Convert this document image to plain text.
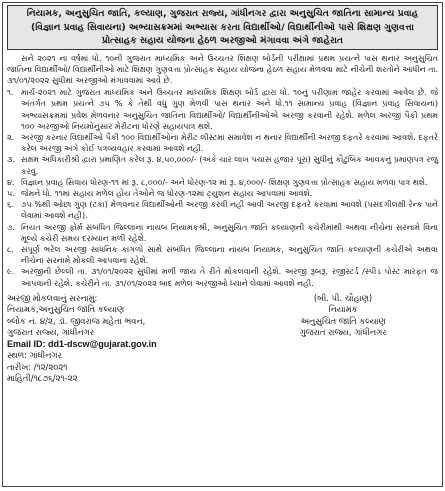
નિયામક, અનુસુચિત જાતિ, કલ્યાણ, ગુજરાત રાજ્ય, ગાંધીનગર દ્વારા અનુસુચિત જાતિના સામાન્ય પ્રવાહ
(વિજ્ઞાન પ્રવાહ સિવાયના) અભ્યાસક્રમમાં અભ્યાસ કરતા વિદ્યાર્થીઓ/ વિદ્યાર્થીનીઓ પાસે શિક્ષણ ગુણવત્તા
પ્રોત્સાહક સહાય યોજના હેઠળ અરજીઓ મંગાવવા અંગે જાહેરાત

સને ૨૦૨૧ ના વર્ષમાં ધો. ૧૦ની ગુજરાત માધ્યમિક અને ઉચ્ચતર શિક્ષણ બોર્ડની પરીક્ષામાં પ્રથમ પ્રયત્ને પાસ થનાર અનુસુચિત જાતિના વિદ્યાર્થીઓ/ વિદ્યાર્થીનીઓ માટે શિક્ષણ ગુણવત્તા પ્રોત્સાહક સહાય યોજના હેઠળ સહાય મેળવવા માટે નીચેની શરતોને આધીન તા. ૩૧/૦૧/૨૦૨૨ સુધીમાં અરજીઓ મંગાવવામાં આવે છે.

૧. માર્ચ-૨૦૨૧ માટે ગુજરાત માધ્યમિક અને ઉચ્ચતર માધ્યમિક શિક્ષણ બોર્ડ દ્વારા ધો. ૧૦નું પરીણામ જાહેર કરવામાં આવેલ છે. જે અંતર્ગત પ્રથમ પ્રયત્ને ૭૫ % કે તેથી વધુ ગુણ મેળવી પાસ થનાર અને ધો.૧૧ સામાન્ય પ્રવાહ (વિજ્ઞાન પ્રવાહ સિવાયના) અભ્યાસક્રમમાં પ્રવેશ મેળવનાર અનુસુચિત જાતિના વિદ્યાર્થીઓ/ વિદ્યાર્થીનીઓએ અરજી કરવાની રહેશે. મળેલ અરજી પૈકી પ્રથમ ૧૦૦ અરજીઓ નિયમોનુસાર મેરીટના ધોરણે સહાયપાત્ર થશે.
૨. અરજી કરનાર વિદ્યાર્થીઓ પૈકી ૧૦૦ વિદ્યાર્થીઓના મેરીટ લીસ્ટમાં સમાવેશ ન થનાર વિદ્યાર્થીની અરજી દફતરે કરવામાં આવશે. દફતરે કરેલ અરજી અંગે કોઈ પત્રવ્યવહાર કરવામાં આવશે નહી.
૩. સક્ષમ અધિકારીશ્રી દ્વારા પ્રમાણિત કરેલ રૂ. ૪,૫૦,૦૦૦/- (અંકે ચાર લાખ પચાસ હજાર પૂરા) સુધીનું કૌટુંબિક આવકનું પ્રમાણપત્ર રજુ કરવું.
૪. વિજ્ઞાન પ્રવાહ સિવાય ધોરણ-૧૧ માં રૂ. ૮,૦૦૦/- અને ધોરણ-૧૨ માં રૂ. ૪,૦૦૦/- શિક્ષણ ગુણવત્તા પ્રોત્સાહક સહાય મળવા પાત્ર થશે.
૫. જેમને ધો. ૧૧માં સહાય મળેલ હોય તેઓને જ ધોરણ-૧૨માં ટ્યુશન સહાય આપવામાં આવશે.
૬. ૭૫ %થી ઓછા ગુણ (ટકા) મેળવનાર વિદ્યાર્થીઓની અરજી કરવી નહી આવી અરજી દફતરે કરવામાં આવશે (પસંદગીલક્ષી રેન્ક પાને લેવામાં આવશે નહી).
૭. નિયત અરજી ફોર્મ સંબંધિત જિલ્લાના નાયબ નિયામકશ્રી, અનુસુચિત જાતિ કલ્યાણની કચેરીમાંથી અથવા નીચેના સરનામે વિના મૂલ્યે કચેરી સમય દરમ્યાન મળી રહેશે.
૮. સંપૂર્ણ ભરેલ અરજી સાધનિક કાગળો સાથે સંબંધિત જિલ્લાના નાયબ નિયામક, અનુસુચિત જાતિ કલ્યાણની કચેરીએ અથવા નીચેના સરનામે મોકલી આપવાના રહેશે.
૯. અરજીની છેલ્લી તા. ૩૧/૦૧/૨૦૨૨ સુધીમાં મળી જાય તે રીતે મોકલવાની રહેશે. અરજી રૂબરૂ, રજીસ્ટર્ડ /સ્પીડ પોસ્ટ મારફત જ આપવાની રહેશે. કચેરીને તા. ૩૧/૦૧/૨૦૨૨ બાદ મળેલ અરજીઓ ધ્યાને લેવામાં આવશે નહી.
અરજી મોકલવાનું સરનામું:
નિયામક,અનુસુચિત જાતિ કલ્યાણ
બ્લોક નં. ૪/૨, ડૉ. જીવરાજ મહેતા ભવન,
ગુજરાત રાજ્ય, ગાંધીનગર
Email ID: dd1-dscw@gujarat.gov.in
સ્થળ: ગાંધીનગર
તારીખ: /૧૨/૨૦૨૧
માહિતી/૧૮૭૬/૨૧-૨૨
(બી. પી. ચૌહાણ)
નિયામક
અનુસુચિત જાતિ કલ્યાણ
ગુજરાત રાજ્ય, ગાંધીનગર
